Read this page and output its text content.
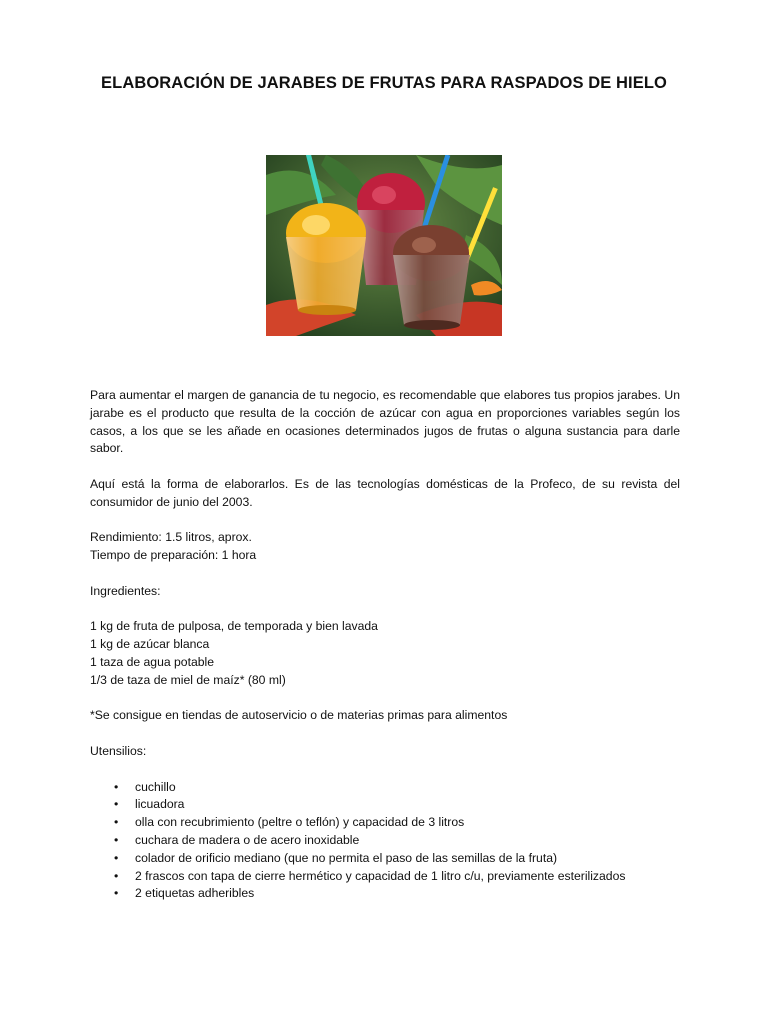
ELABORACIÓN DE JARABES DE FRUTAS PARA RASPADOS DE HIELO

Para aumentar el margen de ganancia de tu negocio, es recomendable que elabores tus propios jarabes. Un jarabe es el producto que resulta de la cocción de azúcar con agua en proporciones variables según los casos, a los que se les añade en ocasiones determinados jugos de frutas o alguna sustancia para darle sabor.

Aquí está la forma de elaborarlos. Es de las tecnologías domésticas de la Profeco, de su revista del consumidor de junio del 2003.

Rendimiento: 1.5 litros, aprox.

Tiempo de preparación: 1 hora

Ingredientes:

1 kg de fruta de pulposa, de temporada y bien lavada

1 kg de azúcar blanca

1 taza de agua potable

1/3 de taza de miel de maíz* (80 ml)

*Se consigue en tiendas de autoservicio o de materias primas para alimentos

Utensilios:

• cuchillo
• licuadora
• olla con recubrimiento (peltre o teflón) y capacidad de 3 litros
• cuchara de madera o de acero inoxidable
• colador de orificio mediano (que no permita el paso de las semillas de la fruta)
• 2 frascos con tapa de cierre hermético y capacidad de 1 litro c/u, previamente esterilizados
• 2 etiquetas adheribles
